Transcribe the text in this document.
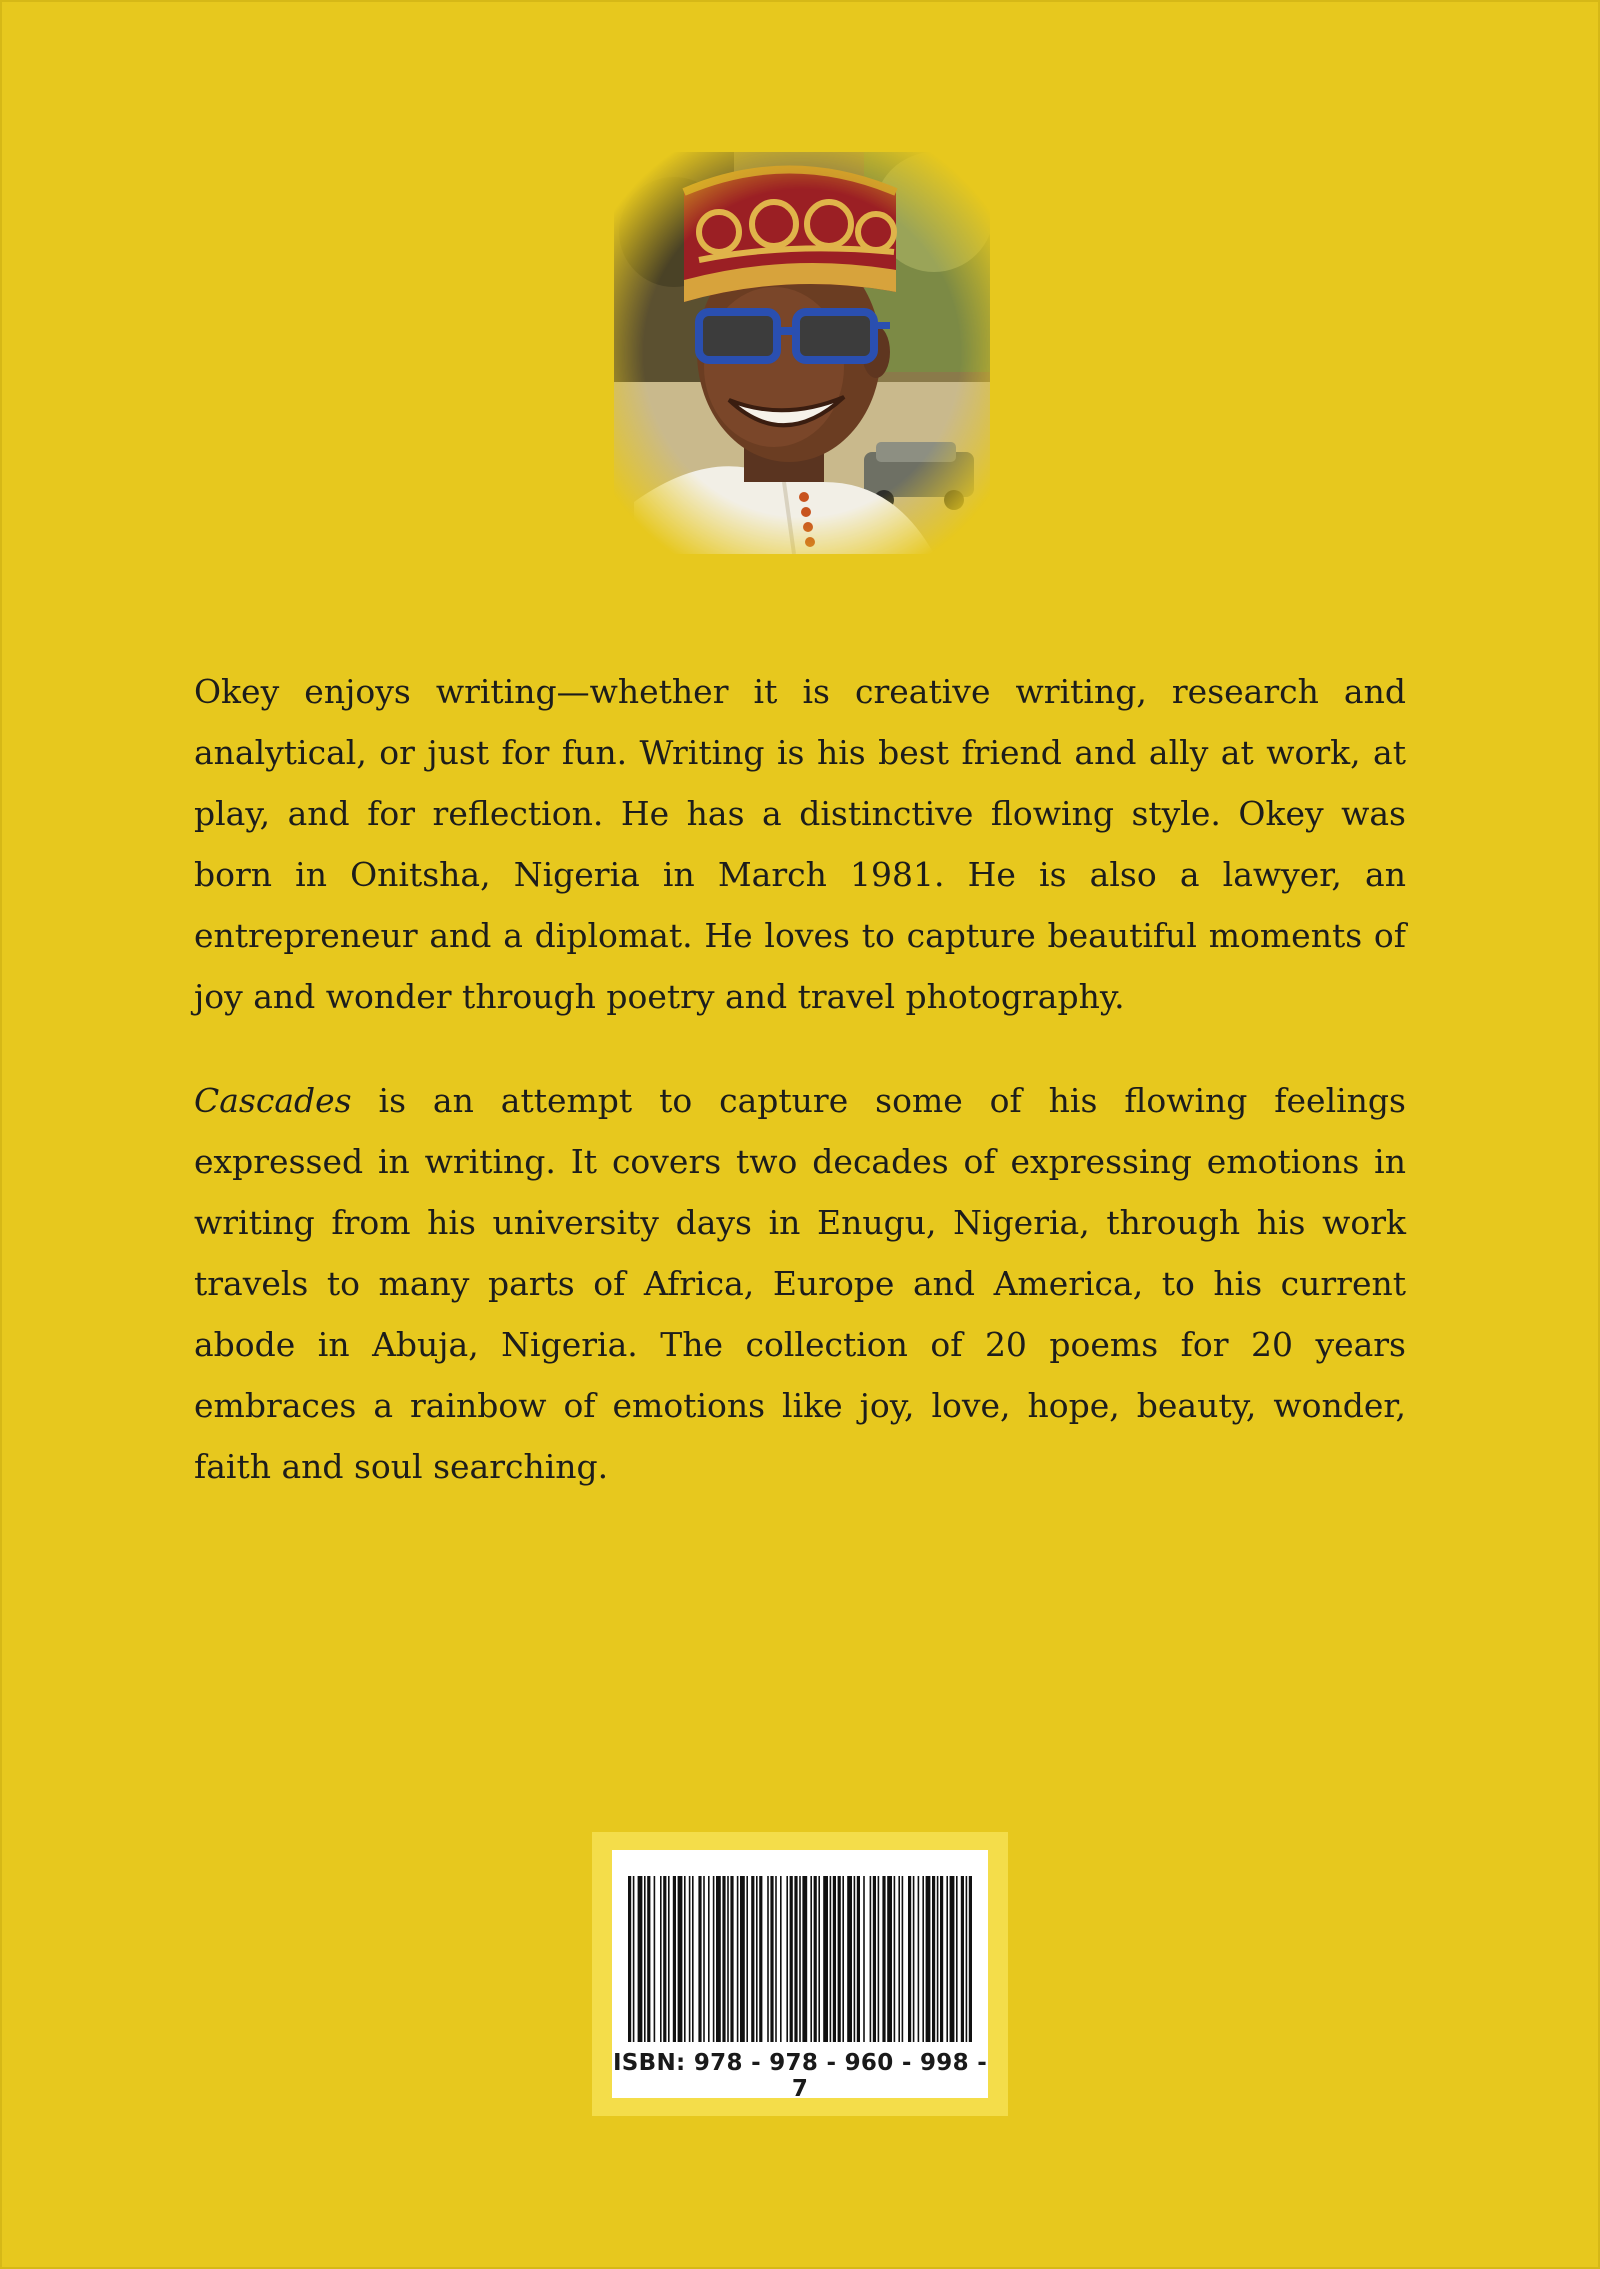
Okey enjoys writing—whether it is creative writing, research and analytical, or just for fun. Writing is his best friend and ally at work, at play, and for reflection. He has a distinctive flowing style. Okey was born in Onitsha, Nigeria in March 1981. He is also a lawyer, an entrepreneur and a diplomat. He loves to capture beautiful moments of joy and wonder through poetry and travel photography.

Cascades is an attempt to capture some of his flowing feelings expressed in writing. It covers two decades of expressing emotions in writing from his university days in Enugu, Nigeria, through his work travels to many parts of Africa, Europe and America, to his current abode in Abuja, Nigeria. The collection of 20 poems for 20 years embraces a rainbow of emotions like joy, love, hope, beauty, wonder, faith and soul searching.

ISBN: 978 - 978 - 960 - 998 - 7
